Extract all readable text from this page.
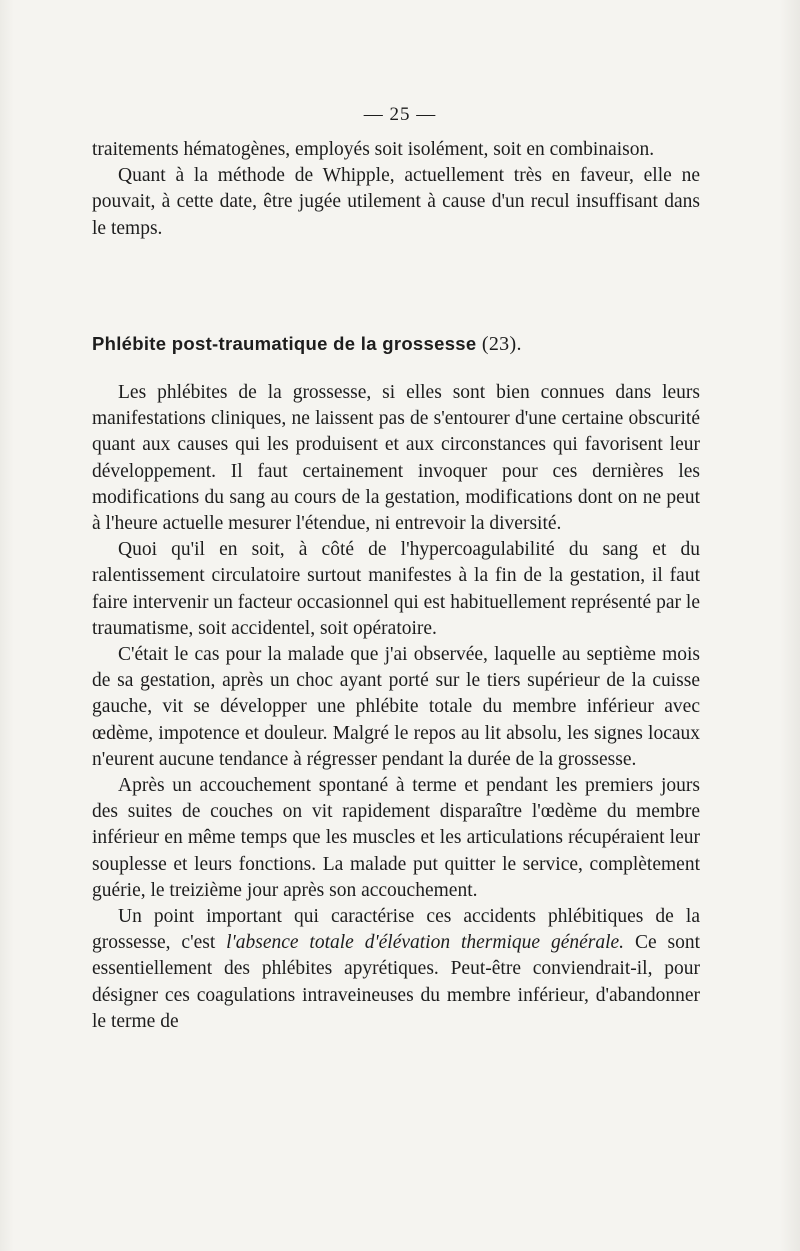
— 25 —

traitements hématogènes, employés soit isolément, soit en combinaison.

Quant à la méthode de Whipple, actuellement très en faveur, elle ne pouvait, à cette date, être jugée utilement à cause d'un recul insuffisant dans le temps.

Phlébite post-traumatique de la grossesse (23).

Les phlébites de la grossesse, si elles sont bien connues dans leurs manifestations cliniques, ne laissent pas de s'entourer d'une certaine obscurité quant aux causes qui les produisent et aux circonstances qui favorisent leur développement. Il faut certainement invoquer pour ces dernières les modifications du sang au cours de la gestation, modifications dont on ne peut à l'heure actuelle mesurer l'étendue, ni entrevoir la diversité.

Quoi qu'il en soit, à côté de l'hypercoagulabilité du sang et du ralentissement circulatoire surtout manifestes à la fin de la gestation, il faut faire intervenir un facteur occasionnel qui est habituellement représenté par le traumatisme, soit accidentel, soit opératoire.

C'était le cas pour la malade que j'ai observée, laquelle au septième mois de sa gestation, après un choc ayant porté sur le tiers supérieur de la cuisse gauche, vit se développer une phlébite totale du membre inférieur avec œdème, impotence et douleur. Malgré le repos au lit absolu, les signes locaux n'eurent aucune tendance à régresser pendant la durée de la grossesse.

Après un accouchement spontané à terme et pendant les premiers jours des suites de couches on vit rapidement disparaître l'œdème du membre inférieur en même temps que les muscles et les articulations récupéraient leur souplesse et leurs fonctions. La malade put quitter le service, complètement guérie, le treizième jour après son accouchement.

Un point important qui caractérise ces accidents phlébitiques de la grossesse, c'est l'absence totale d'élévation thermique générale. Ce sont essentiellement des phlébites apyrétiques. Peut-être conviendrait-il, pour désigner ces coagulations intraveineuses du membre inférieur, d'abandonner le terme de
